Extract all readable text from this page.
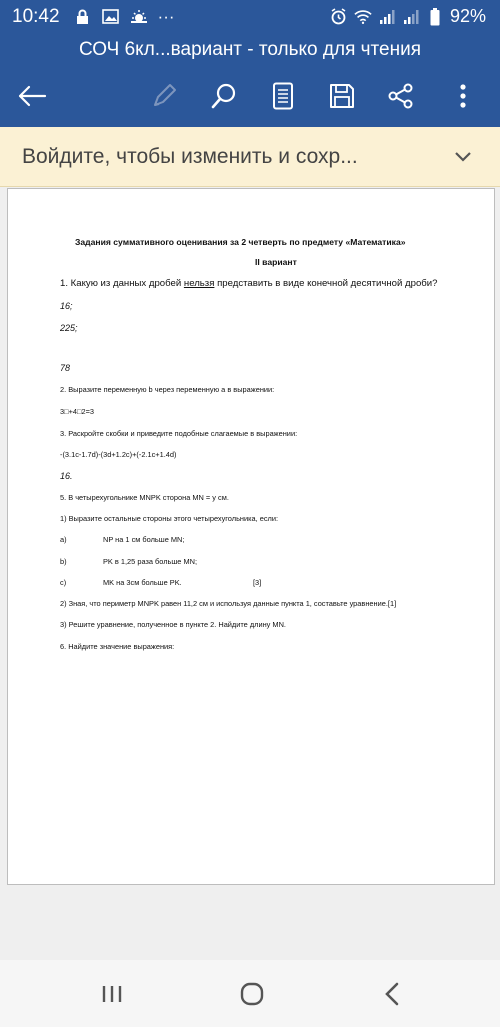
10:42	···	92%
СОЧ 6кл...вариант - только для чтения
Войдите, чтобы изменить и сохр...
Задания суммативного оценивания за 2 четверть по предмету «Математика»
II вариант
1. Какую из данных дробей нельзя представить в виде конечной десятичной дроби?
16;
225;
78
2. Выразите переменную b через переменную a в выражении:
3□+4□2=3
3. Раскройте скобки и приведите подобные слагаемые в выражении:
-(3.1c-1.7d)-(3d+1.2c)+(-2.1c+1.4d)
16.
5. В четырехугольнике MNPK сторона MN = y см.
1) Выразите остальные стороны этого четырехугольника, если:
a)	NP на 1 см больше MN;
b)	PK в 1,25 раза больше MN;
c)	MK на 3см больше PK.	[3]
2) Зная, что периметр MNPK равен 11,2 см и используя данные пункта 1, составьте уравнение.[1]
3) Решите уравнение, полученное в пункте 2. Найдите длину MN.
6. Найдите значение выражения:
